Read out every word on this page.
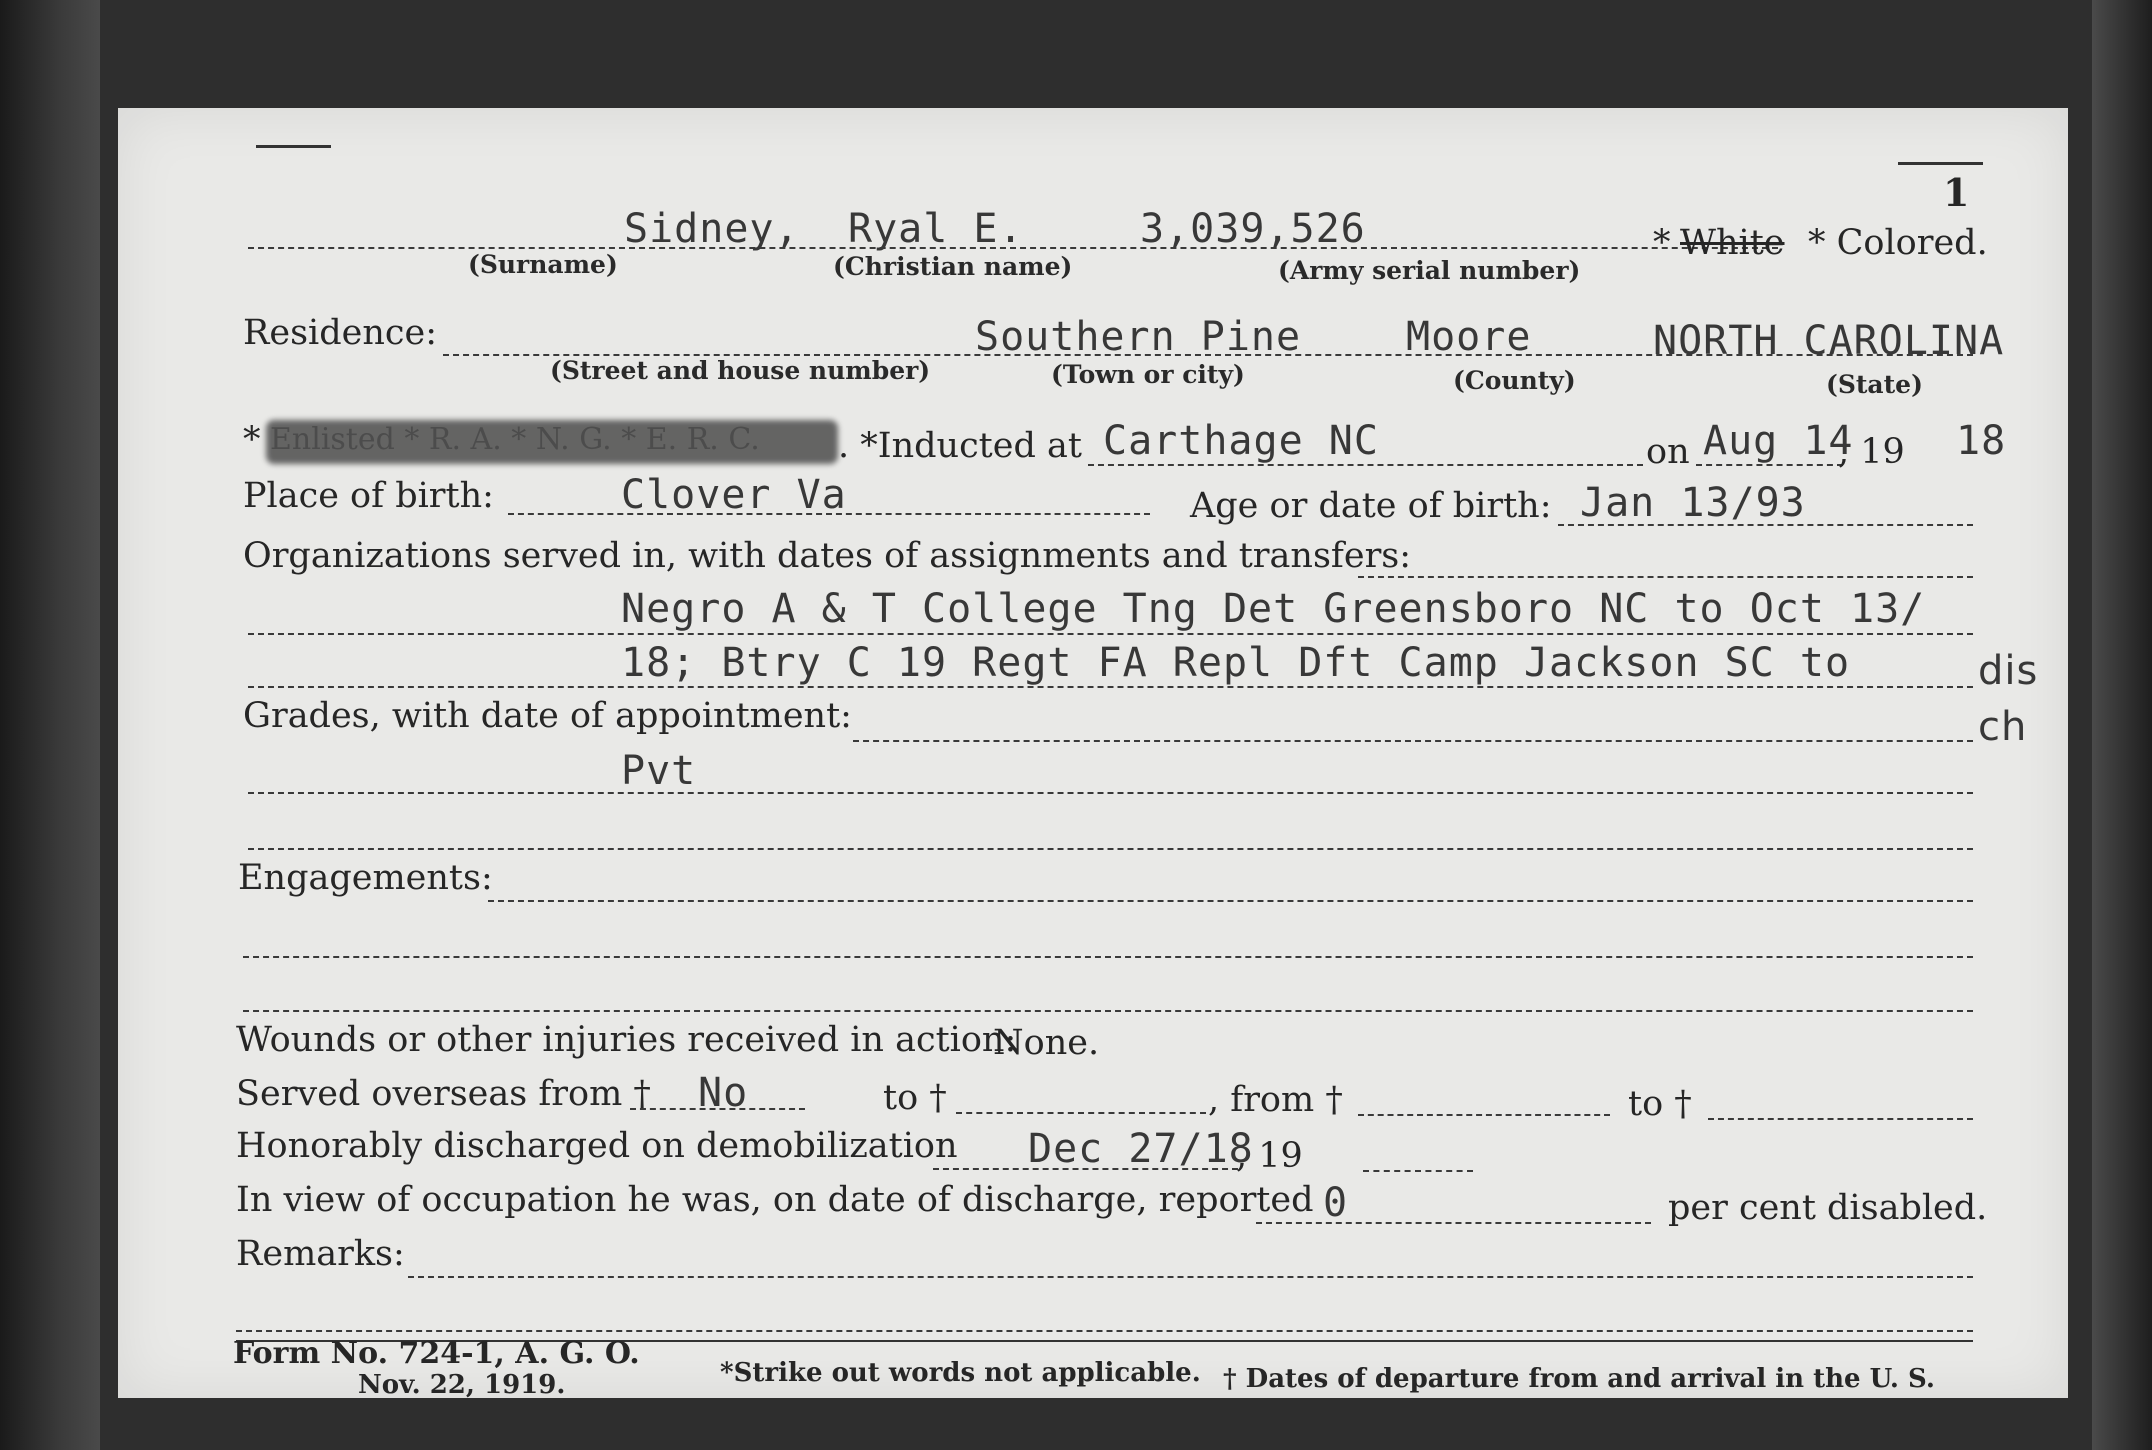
1
Sidney, Ryal E.	3,039,526
(Surname)	(Christian name)	(Army serial number)
* White * Colored.
Residence:	Southern Pine	Moore	NORTH CAROLINA
(Street and house number)	(Town or city)	(County)	(State)
* Enlisted * R. A. * N. G. * E. R. C. . *Inducted at Carthage NC	on Aug 14
, 19 18
Place of birth:	Clover Va	Age or date of birth: Jan 13/93
Organizations served in, with dates of assignments and transfers:
Negro A & T College Tng Det Greensboro NC to Oct 13/
18; Btry C 19 Regt FA Repl Dft Camp Jackson SC to	dis
ch
Grades, with date of appointment:
Pvt
Engagements:
Wounds or other injuries received in action:
None.
Served overseas from † No	to †	, from †	to †
Honorably discharged on demobilization Dec 27/18
, 19
In view of occupation he was, on date of discharge, reported 0	per cent disabled.
Remarks:
Form No. 724-1, A. G. O.
Nov. 22, 1919.	*Strike out words not applicable. † Dates of departure from and arrival in the U. S.
